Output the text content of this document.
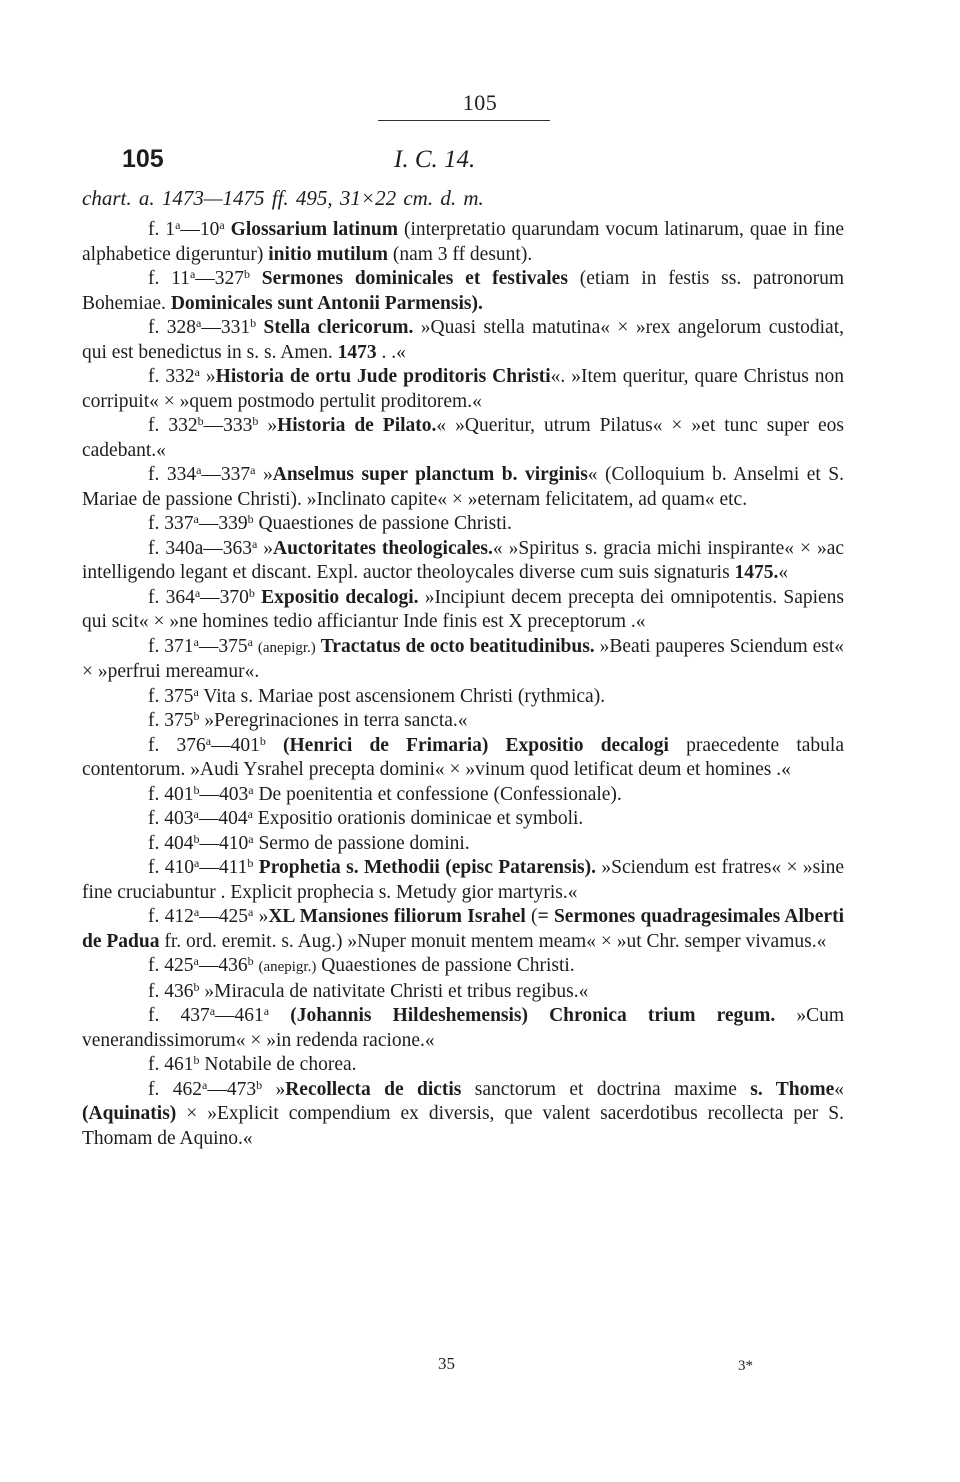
105
105	I. C. 14.
chart. a. 1473—1475 ff. 495, 31×22 cm. d. m.

f. 1$^a$—10$^a$ Glossarium latinum (interpretatio quarundam vocum latinarum, quae in fine alphabetice digeruntur) initio mutilum (nam 3 ff desunt).

f. 11$^a$—327$^b$ Sermones dominicales et festivales (etiam in festis ss. patronorum Bohemiae. Dominicales sunt Antonii Parmensis).

f. 328$^a$—331$^b$ Stella clericorum. »Quasi stella matutina« × »rex angelorum custodiat, qui est benedictus in s. s. Amen. 1473 . .«

f. 332$^a$ »Historia de ortu Jude proditoris Christi«. »Item queritur, quare Christus non corripuit« × »quem postmodo pertulit proditorem.«

f. 332$^b$—333$^b$ »Historia de Pilato.« »Queritur, utrum Pilatus« × »et tunc super eos cadebant.«

f. 334$^a$—337$^a$ »Anselmus super planctum b. virginis« (Colloquium b. Anselmi et S. Mariae de passione Christi). »Inclinato capite« × »eternam felicitatem, ad quam« etc.

f. 337$^a$—339$^b$ Quaestiones de passione Christi.

f. 340a—363$^a$ »Auctoritates theologicales.« »Spiritus s. gracia michi inspirante« × »ac intelligendo legant et discant. Expl. auctor theoloycales diverse cum suis signaturis 1475.«

f. 364$^a$—370$^b$ Expositio decalogi. »Incipiunt decem precepta dei omnipotentis. Sapiens qui scit« × »ne homines tedio afficiantur Inde finis est X preceptorum .«

f. 371$^a$—375$^a$ (anepigr.) Tractatus de octo beatitudinibus. »Beati pauperes Sciendum est« × »perfrui mereamur«.

f. 375$^a$ Vita s. Mariae post ascensionem Christi (rythmica).

f. 375$^b$ »Peregrinaciones in terra sancta.«

f. 376$^a$—401$^b$ (Henrici de Frimaria) Expositio decalogi praecedente tabula contentorum. »Audi Ysrahel precepta domini« × »vinum quod letificat deum et homines .«

f. 401$^b$—403$^a$ De poenitentia et confessione (Confessionale).

f. 403$^a$—404$^a$ Expositio orationis dominicae et symboli.

f. 404$^b$—410$^a$ Sermo de passione domini.

f. 410$^a$—411$^b$ Prophetia s. Methodii (episc Patarensis). »Sciendum est fratres« × »sine fine cruciabuntur . Explicit prophecia s. Metudy gior martyris.«

f. 412$^a$—425$^a$ »XL Mansiones filiorum Israhel (= Sermones quadragesimales Alberti de Padua fr. ord. eremit. s. Aug.) »Nuper monuit mentem meam« × »ut Chr. semper vivamus.«

f. 425$^a$—436$^b$ (anepigr.) Quaestiones de passione Christi.

f. 436$^b$ »Miracula de nativitate Christi et tribus regibus.«

f. 437$^a$—461$^a$ (Johannis Hildeshemensis) Chronica trium regum. »Cum venerandissimorum« × »in redenda racione.«

f. 461$^b$ Notabile de chorea.

f. 462$^a$—473$^b$ »Recollecta de dictis sanctorum et doctrina maxime s. Thome« (Aquinatis) × »Explicit compendium ex diversis, que valent sacerdotibus recollecta per S. Thomam de Aquino.«

35	3*
